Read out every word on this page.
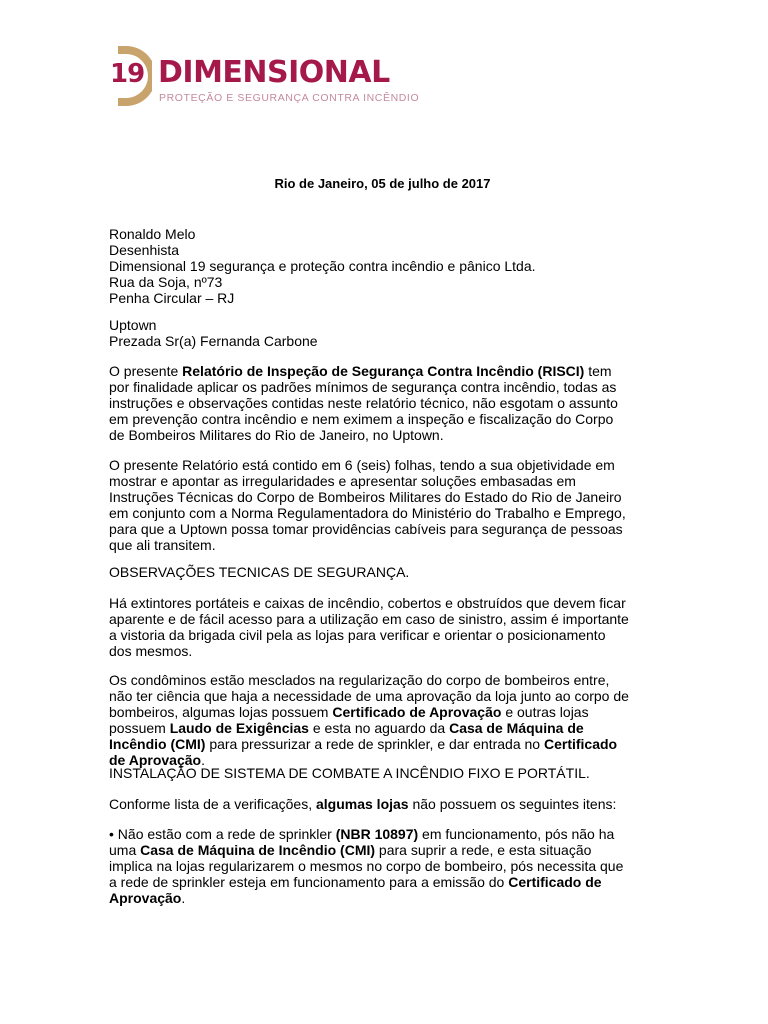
19 DIMENSIONAL
PROTEÇÃO E SEGURANÇA CONTRA INCÊNDIO
Rio de Janeiro, 05 de julho de 2017
Ronaldo Melo
Desenhista
Dimensional 19 segurança e proteção contra incêndio e pânico Ltda.
Rua da Soja, nº73
Penha Circular – RJ
Uptown
Prezada Sr(a) Fernanda Carbone

O presente Relatório de Inspeção de Segurança Contra Incêndio (RISCI) tem por finalidade aplicar os padrões mínimos de segurança contra incêndio, todas as instruções e observações contidas neste relatório técnico, não esgotam o assunto em prevenção contra incêndio e nem eximem a inspeção e fiscalização do Corpo de Bombeiros Militares do Rio de Janeiro, no Uptown.

O presente Relatório está contido em 6 (seis) folhas, tendo a sua objetividade em mostrar e apontar as irregularidades e apresentar soluções embasadas em Instruções Técnicas do Corpo de Bombeiros Militares do Estado do Rio de Janeiro em conjunto com a Norma Regulamentadora do Ministério do Trabalho e Emprego, para que a Uptown possa tomar providências cabíveis para segurança de pessoas que ali transitem.

OBSERVAÇÕES TECNICAS DE SEGURANÇA.

Há extintores portáteis e caixas de incêndio, cobertos e obstruídos que devem ficar aparente e de fácil acesso para a utilização em caso de sinistro, assim é importante a vistoria da brigada civil pela as lojas para verificar e orientar o posicionamento dos mesmos.

Os condôminos estão mesclados na regularização do corpo de bombeiros entre, não ter ciência que haja a necessidade de uma aprovação da loja junto ao corpo de bombeiros, algumas lojas possuem Certificado de Aprovação e outras lojas possuem Laudo de Exigências e esta no aguardo da Casa de Máquina de Incêndio (CMI) para pressurizar a rede de sprinkler, e dar entrada no Certificado de Aprovação.

INSTALAÇÃO DE SISTEMA DE COMBATE A INCÊNDIO FIXO E PORTÁTIL.

Conforme lista de a verificações, algumas lojas não possuem os seguintes itens:

• Não estão com a rede de sprinkler (NBR 10897) em funcionamento, pós não ha uma Casa de Máquina de Incêndio (CMI) para suprir a rede, e esta situação implica na lojas regularizarem o mesmos no corpo de bombeiro, pós necessita que a rede de sprinkler esteja em funcionamento para a emissão do Certificado de Aprovação.
